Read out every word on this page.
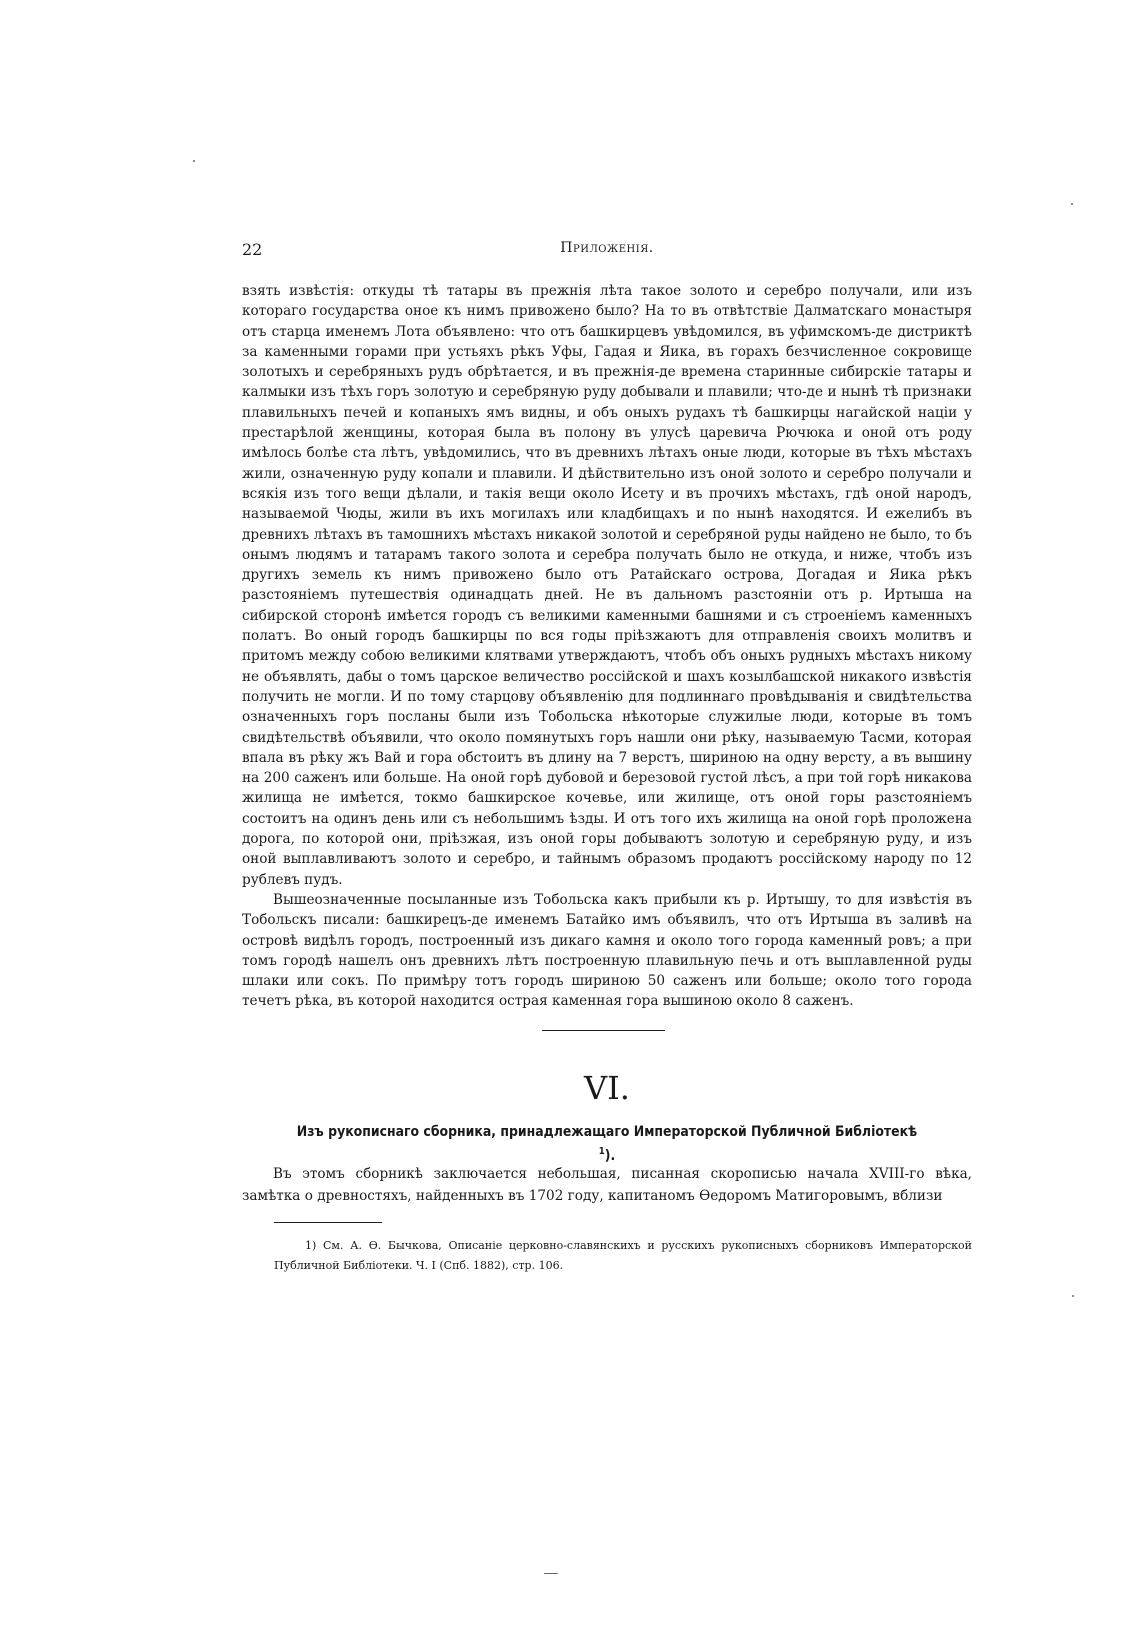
22	Приложенія.

взять извѣстія: откуды тѣ татары въ прежнія лѣта такое золото и серебро получали, или изъ котораго государства оное къ нимъ привожено было? На то въ отвѣтствіе Далматскаго монастыря отъ старца именемъ Лота объявлено: что отъ башкирцевъ увѣдомился, въ уфимскомъ-де дистриктѣ за каменными горами при устьяхъ рѣкъ Уфы, Гадая и Яика, въ горахъ безчисленное сокровище золотыхъ и серебряныхъ рудъ обрѣтается, и въ прежнія-де времена старинные сибирскіе татары и калмыки изъ тѣхъ горъ золотую и серебряную руду добывали и плавили; что-де и нынѣ тѣ признаки плавильныхъ печей и копаныхъ ямъ видны, и объ оныхъ рудахъ тѣ башкирцы нагайской націи у престарѣлой женщины, которая была въ полону въ улусѣ царевича Рючюка и оной отъ роду имѣлось болѣе ста лѣтъ, увѣдомились, что въ древнихъ лѣтахъ оные люди, которые въ тѣхъ мѣстахъ жили, означенную руду копали и плавили. И дѣйствительно изъ оной золото и серебро получали и всякія изъ того вещи дѣлали, и такія вещи около Исету и въ прочихъ мѣстахъ, гдѣ оной народъ, называемой Чюды, жили въ ихъ могилахъ или кладбищахъ и по нынѣ находятся. И ежелибъ въ древнихъ лѣтахъ въ тамошнихъ мѣстахъ никакой золотой и серебряной руды найдено не было, то бъ онымъ людямъ и татарамъ такого золота и серебра получать было не откуда, и ниже, чтобъ изъ другихъ земель къ нимъ привожено было отъ Ратайскаго острова, Догадая и Яика рѣкъ разстояніемъ путешествія одинадцать дней. Не въ дальномъ разстояніи отъ р. Иртыша на сибирской сторонѣ имѣется городъ съ великими каменными башнями и съ строеніемъ каменныхъ полатъ. Во оный городъ башкирцы по вся годы пріѣзжаютъ для отправленія своихъ молитвъ и притомъ между собою великими клятвами утверждаютъ, чтобъ объ оныхъ рудныхъ мѣстахъ никому не объявлять, дабы о томъ царское величество россійской и шахъ козылбашской никакого извѣстія получить не могли. И по тому старцову объявленію для подлиннаго провѣдыванія и свидѣтельства означенныхъ горъ посланы были изъ Тобольска нѣкоторые служилые люди, которые въ томъ свидѣтельствѣ объявили, что около помянутыхъ горъ нашли они рѣку, называемую Тасми, которая впала въ рѣку жъ Вай и гора обстоитъ въ длину на 7 верстъ, шириною на одну версту, а въ вышину на 200 саженъ или больше. На оной горѣ дубовой и березовой густой лѣсъ, а при той горѣ никакова жилища не имѣется, токмо башкирское кочевье, или жилище, отъ оной горы разстояніемъ состоитъ на одинъ день или съ небольшимъ ѣзды. И отъ того ихъ жилища на оной горѣ проложена дорога, по которой они, пріѣзжая, изъ оной горы добываютъ золотую и серебряную руду, и изъ оной выплавливаютъ золото и серебро, и тайнымъ образомъ продаютъ россійскому народу по 12 рублевъ пудъ.

Вышеозначенные посыланные изъ Тобольска какъ прибыли къ р. Иртышу, то для извѣстія въ Тобольскъ писали: башкирецъ-де именемъ Батайко имъ объявилъ, что отъ Иртыша въ заливѣ на островѣ видѣлъ городъ, построенный изъ дикаго камня и около того города каменный ровъ; а при томъ городѣ нашелъ онъ древнихъ лѣтъ построенную плавильную печь и отъ выплавленной руды шлаки или сокъ. По примѣру тотъ городъ шириною 50 саженъ или больше; около того города течетъ рѣка, въ которой находится острая каменная гора вышиною около 8 саженъ.

VI.
Изъ рукописнаго сборника, принадлежащаго Императорской Публичной Библіотекѣ $^1$).

Въ этомъ сборникѣ заключается небольшая, писанная скорописью начала XVIII-го вѣка, замѣтка о древностяхъ, найденныхъ въ 1702 году, капитаномъ Ѳедоромъ Матигоровымъ, вблизи

1) См. А. Ѳ. Бычкова, Описаніе церковно-славянскихъ и русскихъ рукописныхъ сборниковъ Императорской Публичной Библіотеки. Ч. I (Спб. 1882), стр. 106.
